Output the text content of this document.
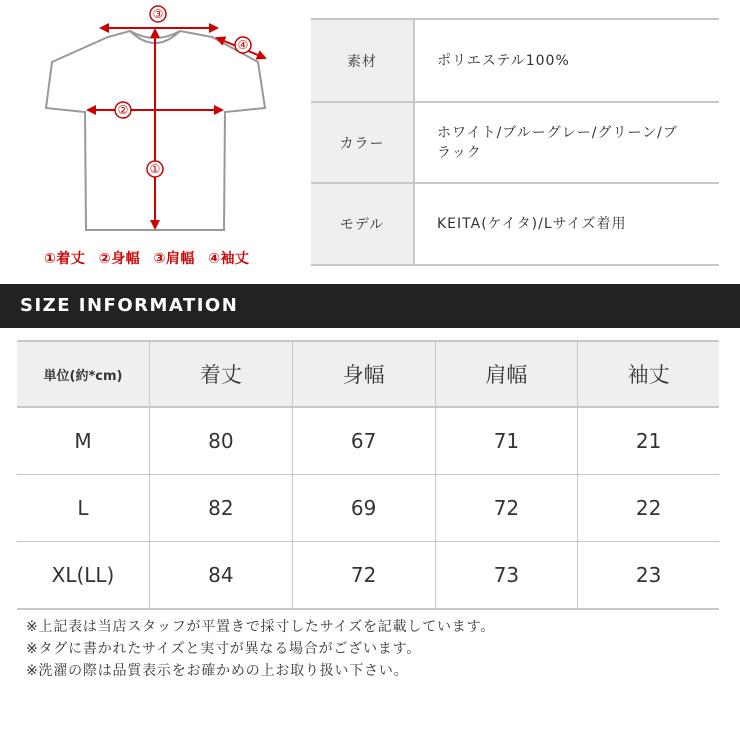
③
④
②
①
①着丈 ②身幅 ③肩幅 ④袖丈
素材	ポリエステル100%
カラー	ホワイト/ブルーグレー/グリーン/ブラック
モデル	KEITA(ケイタ)/Lサイズ着用
SIZE INFORMATION
単位(約*cm)	着丈	身幅	肩幅	袖丈
M	80	67	71	21
L	82	69	72	22
XL(LL)	84	72	73	23
※上記表は当店スタッフが平置きで採寸したサイズを記載しています。
※タグに書かれたサイズと実寸が異なる場合がございます。
※洗濯の際は品質表示をお確かめの上お取り扱い下さい。
